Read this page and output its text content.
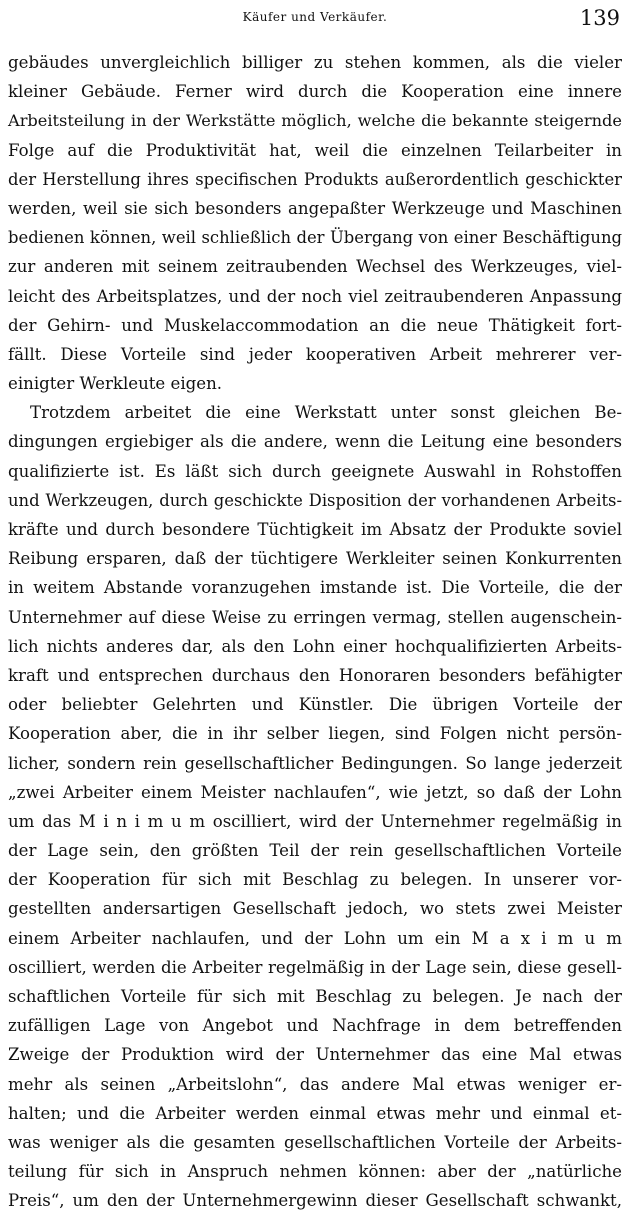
Käufer und Verkäufer.	139
gebäudes unvergleichlich billiger zu stehen kommen, als die vieler
kleiner Gebäude. Ferner wird durch die Kooperation eine innere
Arbeitsteilung in der Werkstätte möglich, welche die bekannte steigernde
Folge auf die Produktivität hat, weil die einzelnen Teilarbeiter in
der Herstellung ihres specifischen Produkts außerordentlich geschickter
werden, weil sie sich besonders angepaßter Werkzeuge und Maschinen
bedienen können, weil schließlich der Übergang von einer Beschäftigung
zur anderen mit seinem zeitraubenden Wechsel des Werkzeuges, viel-
leicht des Arbeitsplatzes, und der noch viel zeitraubenderen Anpassung
der Gehirn- und Muskelaccommodation an die neue Thätigkeit fort-
fällt. Diese Vorteile sind jeder kooperativen Arbeit mehrerer ver-
einigter Werkleute eigen.
Trotzdem arbeitet die eine Werkstatt unter sonst gleichen Be-
dingungen ergiebiger als die andere, wenn die Leitung eine besonders
qualifizierte ist. Es läßt sich durch geeignete Auswahl in Rohstoffen
und Werkzeugen, durch geschickte Disposition der vorhandenen Arbeits-
kräfte und durch besondere Tüchtigkeit im Absatz der Produkte soviel
Reibung ersparen, daß der tüchtigere Werkleiter seinen Konkurrenten
in weitem Abstande voranzugehen imstande ist. Die Vorteile, die der
Unternehmer auf diese Weise zu erringen vermag, stellen augenschein-
lich nichts anderes dar, als den Lohn einer hochqualifizierten Arbeits-
kraft und entsprechen durchaus den Honoraren besonders befähigter
oder beliebter Gelehrten und Künstler. Die übrigen Vorteile der
Kooperation aber, die in ihr selber liegen, sind Folgen nicht persön-
licher, sondern rein gesellschaftlicher Bedingungen. So lange jederzeit
„zwei Arbeiter einem Meister nachlaufen“, wie jetzt, so daß der Lohn
um das M i n i m u m oscilliert, wird der Unternehmer regelmäßig in
der Lage sein, den größten Teil der rein gesellschaftlichen Vorteile
der Kooperation für sich mit Beschlag zu belegen. In unserer vor-
gestellten andersartigen Gesellschaft jedoch, wo stets zwei Meister
einem Arbeiter nachlaufen, und der Lohn um ein M a x i m u m
oscilliert, werden die Arbeiter regelmäßig in der Lage sein, diese gesell-
schaftlichen Vorteile für sich mit Beschlag zu belegen. Je nach der
zufälligen Lage von Angebot und Nachfrage in dem betreffenden
Zweige der Produktion wird der Unternehmer das eine Mal etwas
mehr als seinen „Arbeitslohn“, das andere Mal etwas weniger er-
halten; und die Arbeiter werden einmal etwas mehr und einmal et-
was weniger als die gesamten gesellschaftlichen Vorteile der Arbeits-
teilung für sich in Anspruch nehmen können: aber der „natürliche
Preis“, um den der Unternehmergewinn dieser Gesellschaft schwankt,
